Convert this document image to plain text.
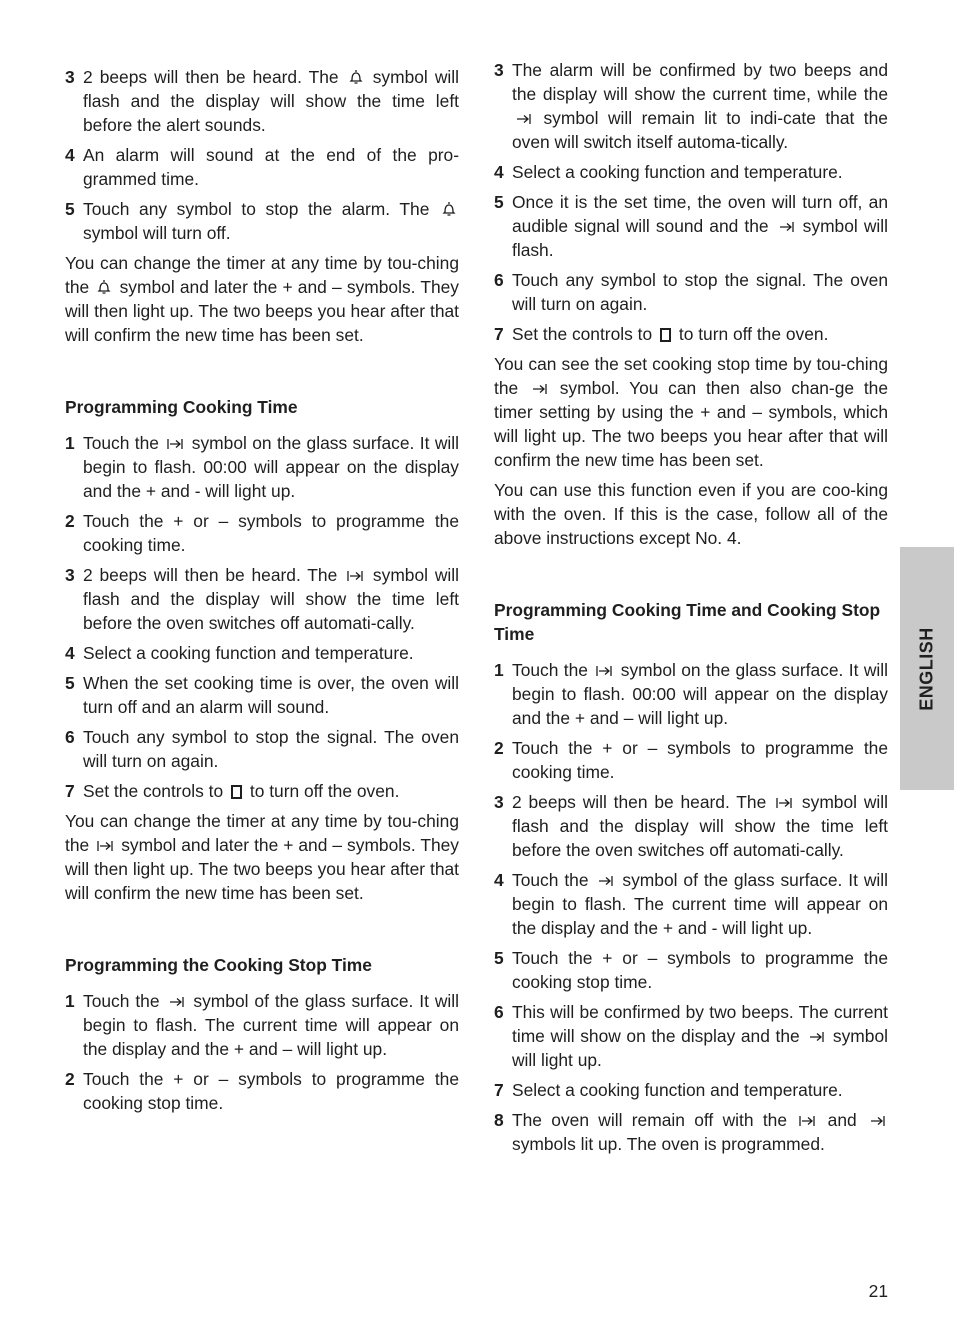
3 2 beeps will then be heard. The symbol will flash and the display will show the time left before the alert sounds.

4 An alarm will sound at the end of the pro-grammed time.

5 Touch any symbol to stop the alarm. The
symbol will turn off.

You can change the timer at any time by tou-ching the symbol and later the + and – symbols. They will then light up. The two beeps you hear after that will confirm the new time has been set.

Programming Cooking Time

1 Touch the symbol on the glass surface. It will begin to flash. 00:00 will appear on the display and the + and - will light up.

2 Touch the + or – symbols to programme the cooking time.

3 2 beeps will then be heard. The symbol will flash and the display will show the time left before the oven switches off automati-cally.

4 Select a cooking function and temperature.

5 When the set cooking time is over, the oven will turn off and an alarm will sound.

6 Touch any symbol to stop the signal. The oven will turn on again.

7 Set the controls to to turn off the oven.

You can change the timer at any time by tou-ching the symbol and later the + and – symbols. They will then light up. The two beeps you hear after that will confirm the new time has been set.

Programming the Cooking Stop Time

1 Touch the symbol of the glass surface. It will begin to flash. The current time will appear on the display and the + and – will light up.

2 Touch the + or – symbols to programme the cooking stop time.

3 The alarm will be confirmed by two beeps and the display will show the current time, while the
symbol will remain lit to indi-cate that the oven will switch itself automa-tically.

4 Select a cooking function and temperature.

5 Once it is the set time, the oven will turn off, an audible signal will sound and the symbol will flash.

6 Touch any symbol to stop the signal. The oven will turn on again.

7 Set the controls to to turn off the oven.

You can see the set cooking stop time by tou-ching the symbol. You can then also chan-ge the timer setting by using the + and – symbols, which will light up. The two beeps you hear after that will confirm the new time has been set.

You can use this function even if you are coo-king with the oven. If this is the case, follow all of the above instructions except No. 4.

Programming Cooking Time and Cooking Stop Time

1 Touch the symbol on the glass surface. It will begin to flash. 00:00 will appear on the display and the + and – will light up.

2 Touch the + or – symbols to programme the cooking time.

3 2 beeps will then be heard. The symbol will flash and the display will show the time left before the oven switches off automati-cally.

4 Touch the symbol of the glass surface. It will begin to flash. The current time will appear on the display and the + and - will light up.

5 Touch the + or – symbols to programme the cooking stop time.

6 This will be confirmed by two beeps. The current time will show on the display and the symbol will light up.

7 Select a cooking function and temperature.

8 The oven will remain off with the and
symbols lit up. The oven is programmed.

ENGLISH
21
